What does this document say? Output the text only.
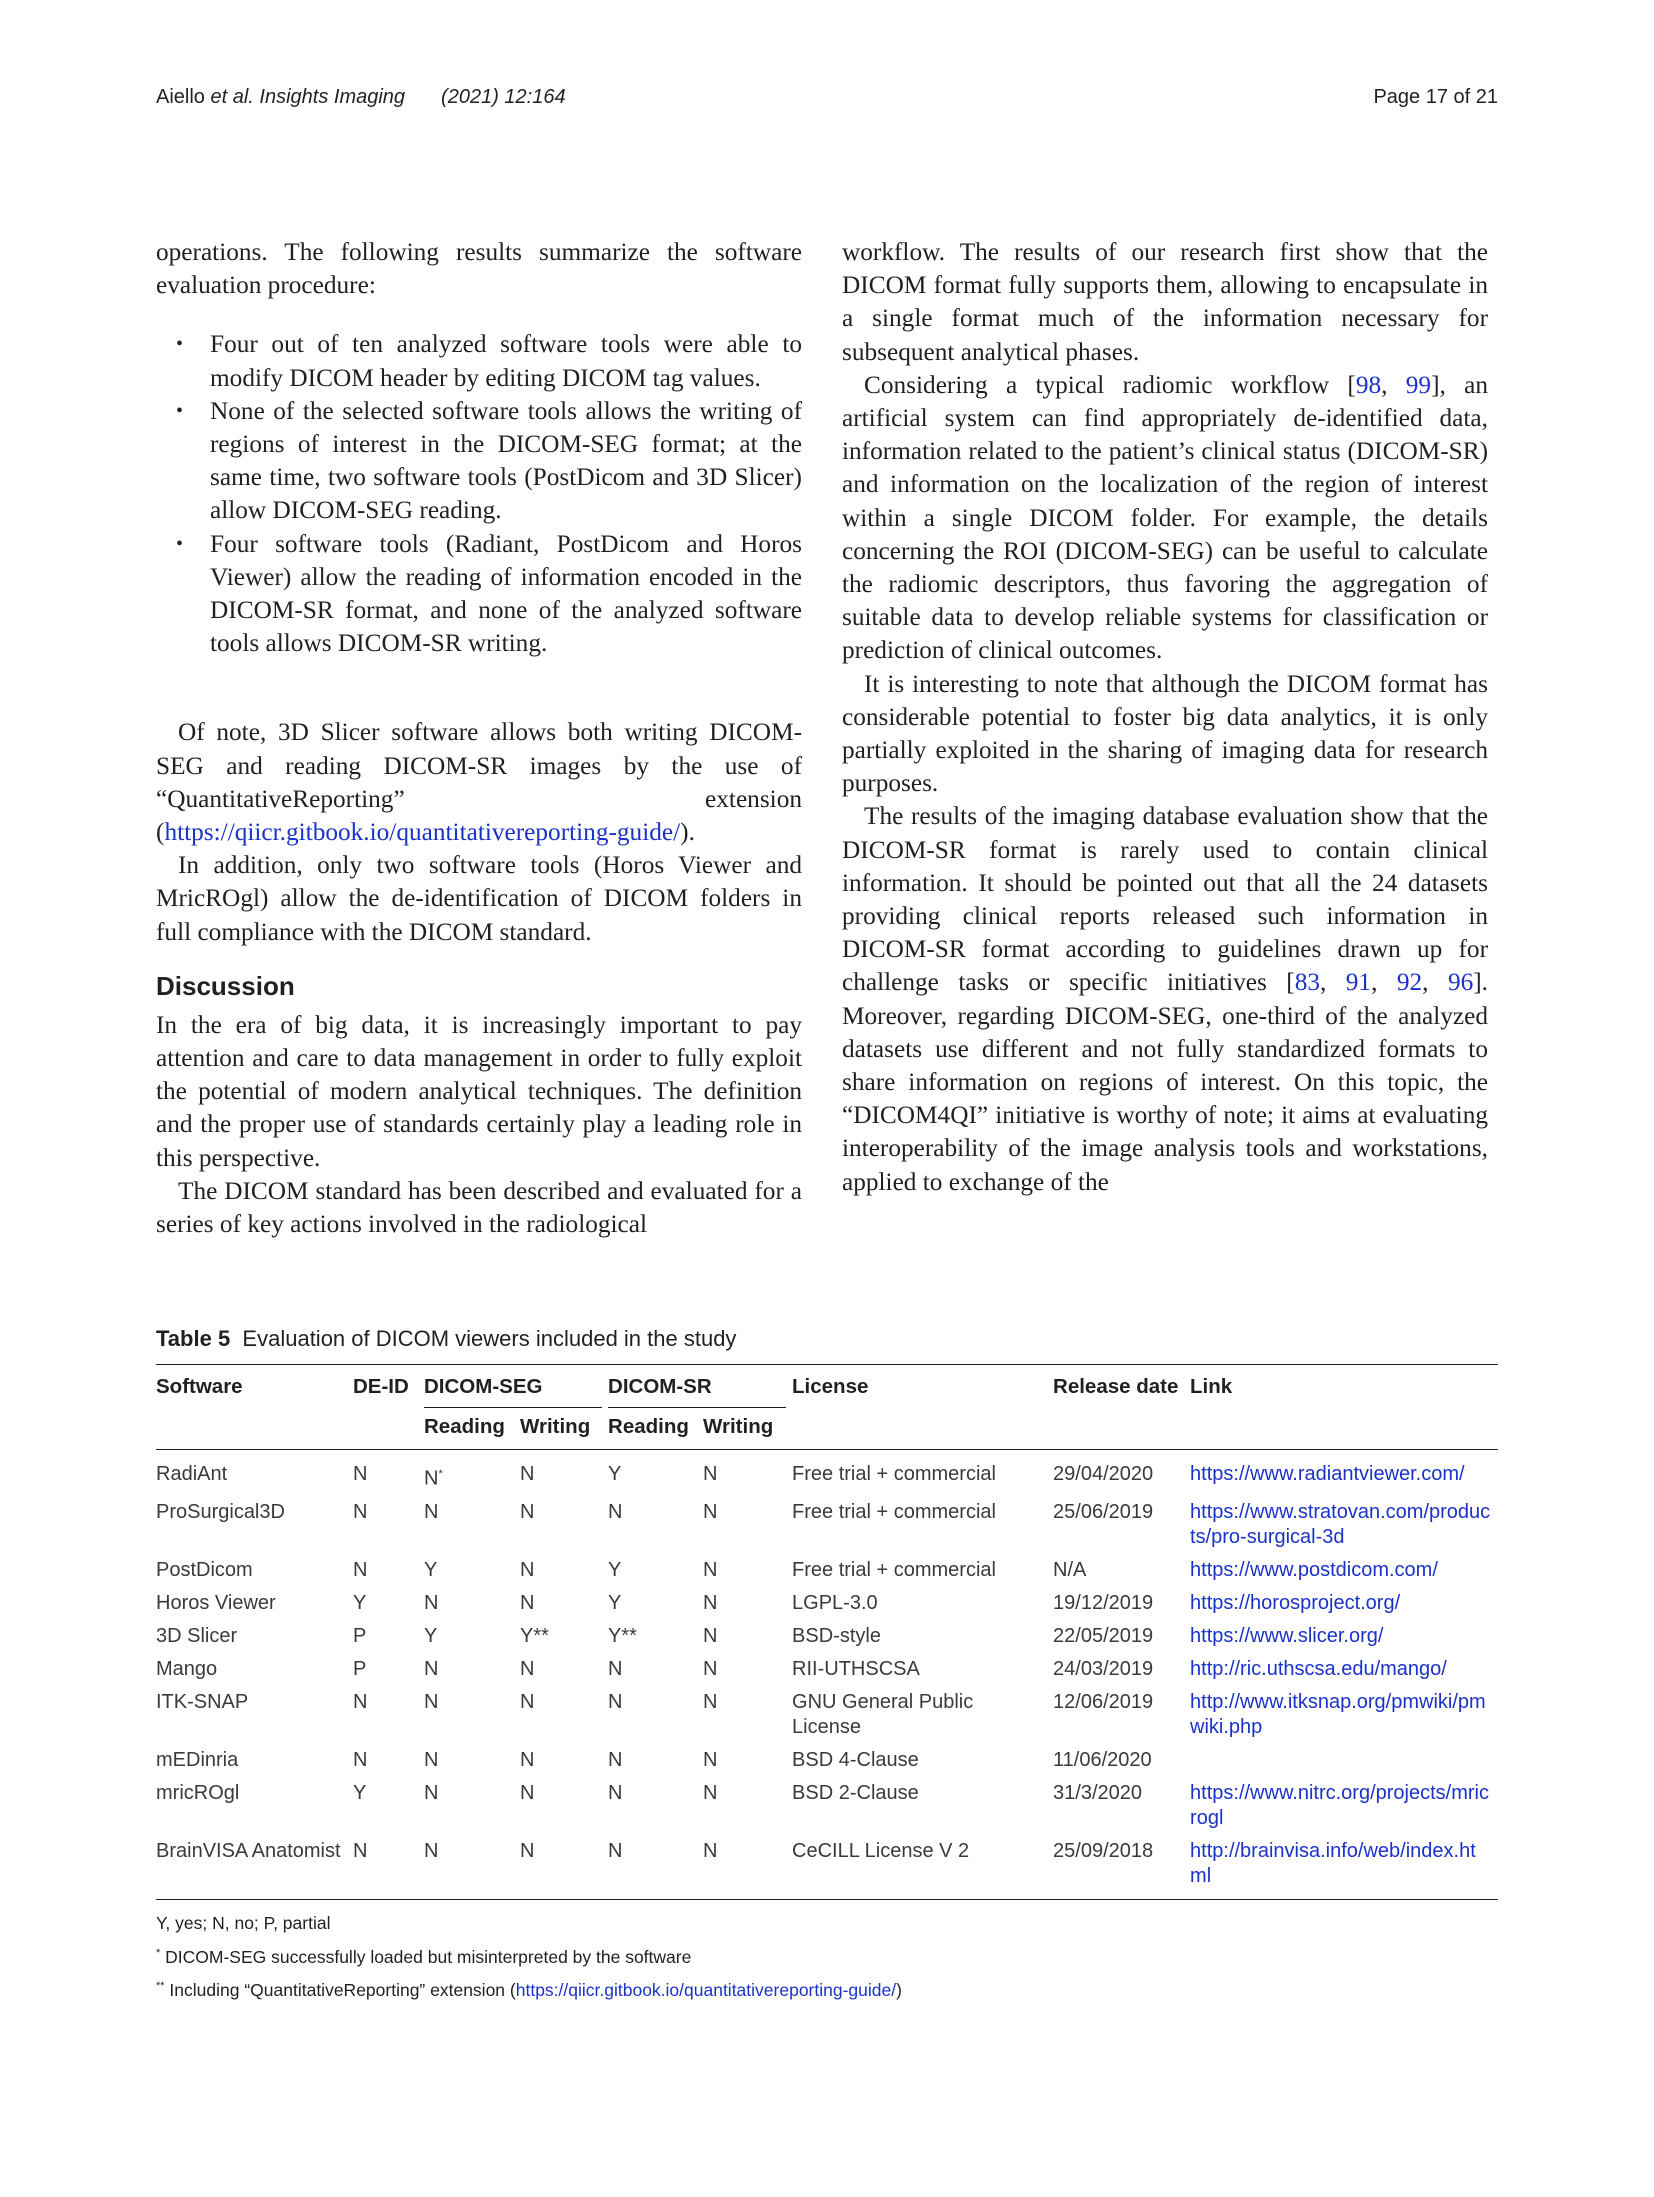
Aiello et al. Insights Imaging (2021) 12:164	Page 17 of 21

operations. The following results summarize the software evaluation procedure:

• Four out of ten analyzed software tools were able to modify DICOM header by editing DICOM tag values.
• None of the selected software tools allows the writing of regions of interest in the DICOM-SEG format; at the same time, two software tools (PostDicom and 3D Slicer) allow DICOM-SEG reading.
• Four software tools (Radiant, PostDicom and Horos Viewer) allow the reading of information encoded in the DICOM-SR format, and none of the analyzed software tools allows DICOM-SR writing.

Of note, 3D Slicer software allows both writing DICOM-SEG and reading DICOM-SR images by the use of “QuantitativeReporting” extension (https://qiicr.gitbook.io/quantitativereporting-guide/).

In addition, only two software tools (Horos Viewer and MricROgl) allow the de-identification of DICOM folders in full compliance with the DICOM standard.

Discussion

In the era of big data, it is increasingly important to pay attention and care to data management in order to fully exploit the potential of modern analytical techniques. The definition and the proper use of standards certainly play a leading role in this perspective.

The DICOM standard has been described and evaluated for a series of key actions involved in the radiological

workflow. The results of our research first show that the DICOM format fully supports them, allowing to encapsulate in a single format much of the information necessary for subsequent analytical phases.

Considering a typical radiomic workflow [98, 99], an artificial system can find appropriately de-identified data, information related to the patient’s clinical status (DICOM-SR) and information on the localization of the region of interest within a single DICOM folder. For example, the details concerning the ROI (DICOM-SEG) can be useful to calculate the radiomic descriptors, thus favoring the aggregation of suitable data to develop reliable systems for classification or prediction of clinical outcomes.

It is interesting to note that although the DICOM format has considerable potential to foster big data analytics, it is only partially exploited in the sharing of imaging data for research purposes.

The results of the imaging database evaluation show that the DICOM-SR format is rarely used to contain clinical information. It should be pointed out that all the 24 datasets providing clinical reports released such information in DICOM-SR format according to guidelines drawn up for challenge tasks or specific initiatives [83, 91, 92, 96]. Moreover, regarding DICOM-SEG, one-third of the analyzed datasets use different and not fully standardized formats to share information on regions of interest. On this topic, the “DICOM4QI” initiative is worthy of note; it aims at evaluating interoperability of the image analysis tools and workstations, applied to exchange of the

Table 5 Evaluation of DICOM viewers included in the study
Software	DE-ID	DICOM-SEG		DICOM-SR		License	Release date	Link
		Reading	Writing	Reading	Writing			
RadiAnt	N	N*	N	Y	N	Free trial + commercial	29/04/2020	https://www.radiantviewer.com/
ProSurgical3D	N	N	N	N	N	Free trial + commercial	25/06/2019	https://www.stratovan.com/products/pro-surgical-3d
PostDicom	N	Y	N	Y	N	Free trial + commercial	N/A	https://www.postdicom.com/
Horos Viewer	Y	N	N	Y	N	LGPL-3.0	19/12/2019	https://horosproject.org/
3D Slicer	P	Y	Y**	Y**	N	BSD-style	22/05/2019	https://www.slicer.org/
Mango	P	N	N	N	N	RII-UTHSCSA	24/03/2019	http://ric.uthscsa.edu/mango/
ITK-SNAP	N	N	N	N	N	GNU General Public License	12/06/2019	http://www.itksnap.org/pmwiki/pmwiki.php
mEDinria	N	N	N	N	N	BSD 4-Clause	11/06/2020	
mricROgl	Y	N	N	N	N	BSD 2-Clause	31/3/2020	https://www.nitrc.org/projects/mricrogl
BrainVISA Anatomist	N	N	N	N	N	CeCILL License V 2	25/09/2018	http://brainvisa.info/web/index.html
Y, yes; N, no; P, partial
* DICOM-SEG successfully loaded but misinterpreted by the software
** Including “QuantitativeReporting” extension (https://qiicr.gitbook.io/quantitativereporting-guide/)
